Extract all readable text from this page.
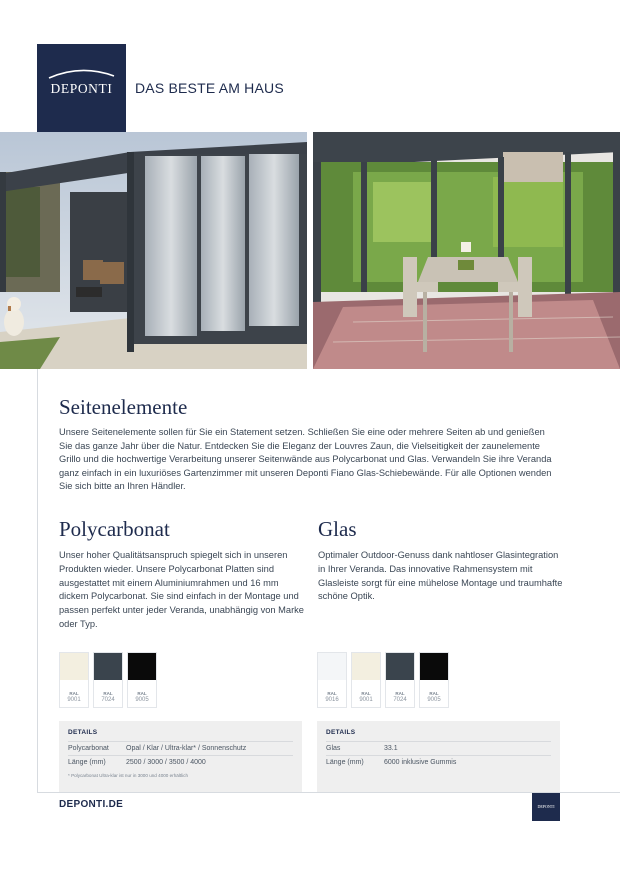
DEPONTI	DAS BESTE AM HAUS
Seitenelemente
Unsere Seitenelemente sollen für Sie ein Statement setzen. Schließen Sie eine oder mehrere Seiten ab und genießen Sie das ganze Jahr über die Natur. Entdecken Sie die Eleganz der Louvres Zaun, die Vielseitigkeit der zaunelemente Grillo und die hochwertige Verarbeitung unserer Seitenwände aus Polycarbonat und Glas. Verwandeln Sie ihre Veranda ganz einfach in ein luxuriöses Gartenzimmer mit unseren Deponti Fiano Glas-Schiebewände. Für alle Optionen wenden Sie sich bitte an Ihren Händler.
Polycarbonat
Unser hoher Qualitätsanspruch spiegelt sich in unseren Produkten wieder. Unsere Polycarbonat Platten sind ausgestattet mit einem Aluminiumrahmen und 16 mm dickem Polycarbonat. Sie sind einfach in der Montage und passen perfekt unter jeder Veranda, unabhängig von Marke oder Typ.
Glas
Optimaler Outdoor-Genuss dank nahtloser Glasintegration in Ihrer Veranda. Das innovative Rahmensystem mit Glasleiste sorgt für eine mühelose Montage und traumhafte schöne Optik.
RAL
9001
RAL
7024
RAL
9005
RAL
9016
RAL
9001
RAL
7024
RAL
9005
DETAILS
Polycarbonat Opal / Klar / Ultra-klar* / Sonnenschutz
Länge (mm)	2500 / 3000 / 3500 / 4000
* Polycarbonat Ultra-klar ist nur in 3000 und 4000 erhältlich
DETAILS
Glas	33.1
Länge (mm)	6000 inklusive Gummis
DEPONTI.DE	DEPONTI
